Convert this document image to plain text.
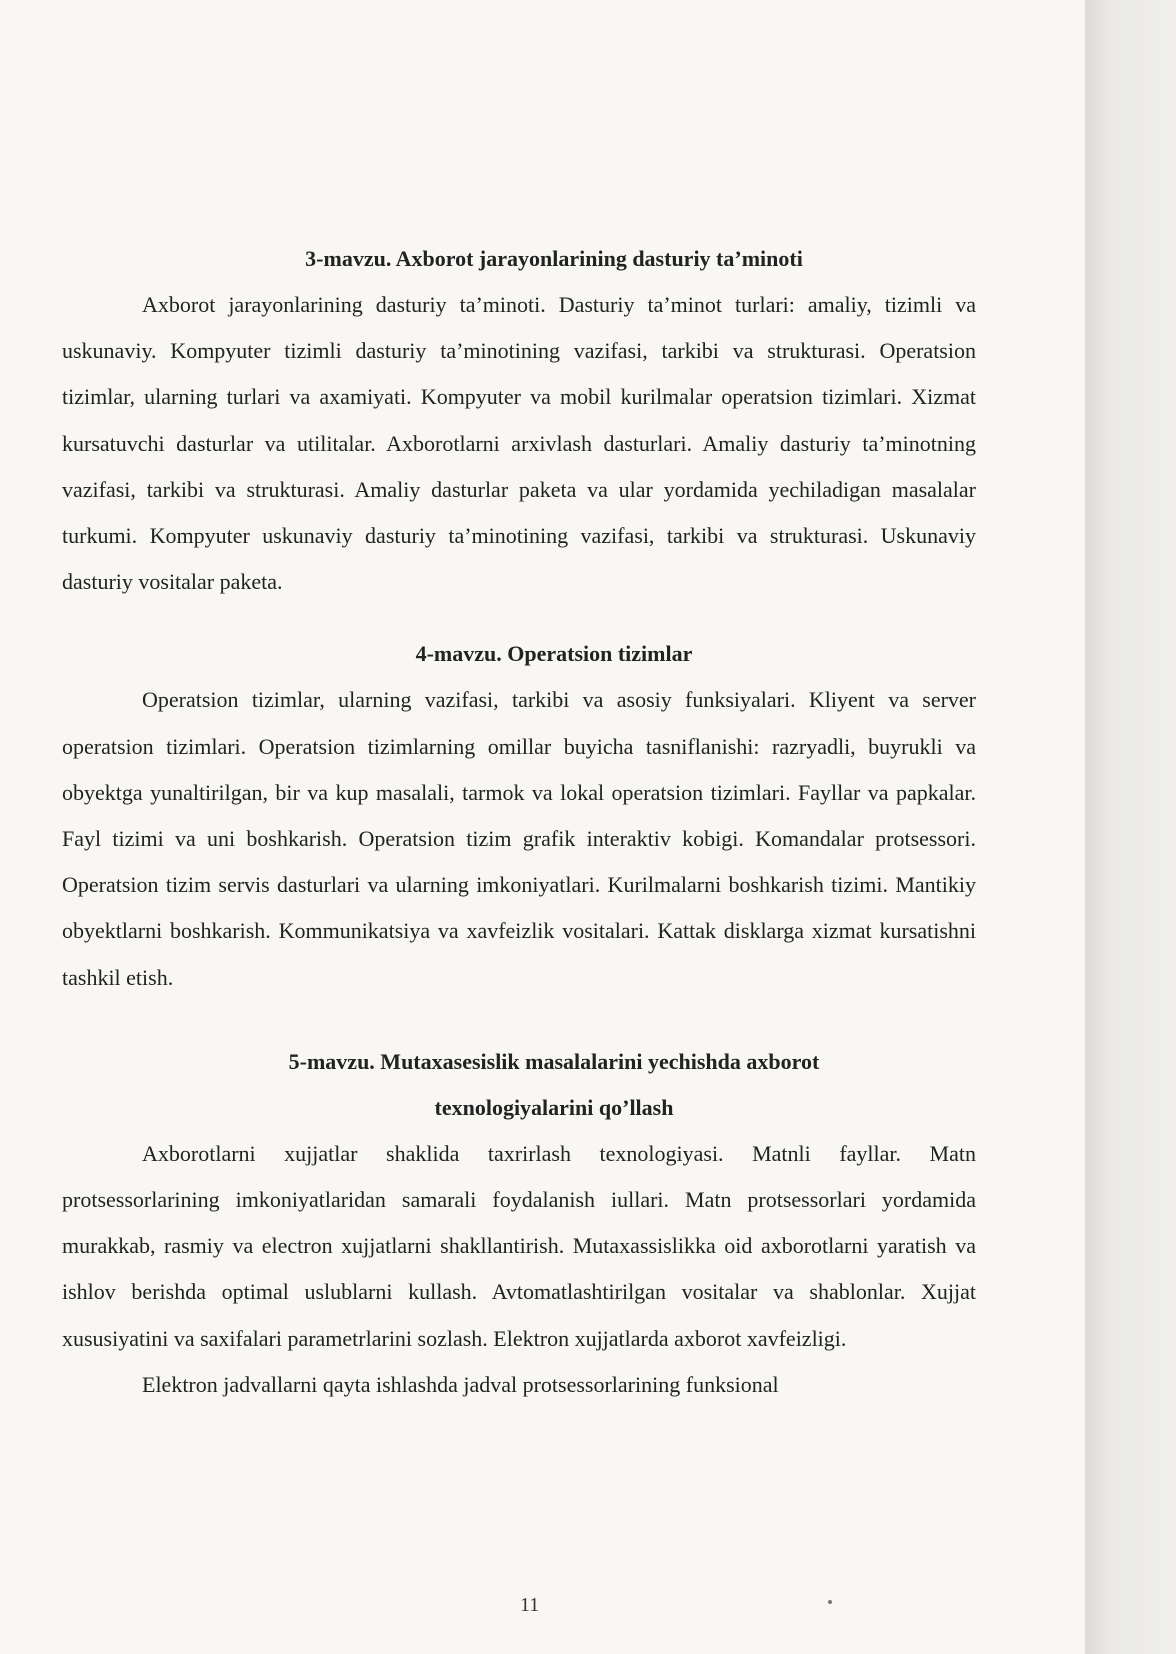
3-mavzu. Axborot jarayonlarining dasturiy ta’minoti

Axborot jarayonlarining dasturiy ta’minoti. Dasturiy ta’minot turlari: amaliy, tizimli va uskunaviy. Kompyuter tizimli dasturiy ta’minotining vazifasi, tarkibi va strukturasi. Operatsion tizimlar, ularning turlari va axamiyati. Kompyuter va mobil kurilmalar operatsion tizimlari. Xizmat kursatuvchi dasturlar va utilitalar. Axborotlarni arxivlash dasturlari. Amaliy dasturiy ta’minotning vazifasi, tarkibi va strukturasi. Amaliy dasturlar paketa va ular yordamida yechiladigan masalalar turkumi. Kompyuter uskunaviy dasturiy ta’minotining vazifasi, tarkibi va strukturasi. Uskunaviy dasturiy vositalar paketa.

4-mavzu. Operatsion tizimlar

Operatsion tizimlar, ularning vazifasi, tarkibi va asosiy funksiyalari. Kliyent va server operatsion tizimlari. Operatsion tizimlarning omillar buyicha tasniflanishi: razryadli, buyrukli va obyektga yunaltirilgan, bir va kup masalali, tarmok va lokal operatsion tizimlari. Fayllar va papkalar. Fayl tizimi va uni boshkarish. Operatsion tizim grafik interaktiv kobigi. Komandalar protsessori. Operatsion tizim servis dasturlari va ularning imkoniyatlari. Kurilmalarni boshkarish tizimi. Mantikiy obyektlarni boshkarish. Kommunikatsiya va xavfeizlik vositalari. Kattak disklarga xizmat kursatishni tashkil etish.

5-mavzu. Mutaxasesislik masalalarini yechishda axborot
texnologiyalarini qo’llash

Axborotlarni xujjatlar shaklida taxrirlash texnologiyasi. Matnli fayllar. Matn protsessorlarining imkoniyatlaridan samarali foydalanish iullari. Matn protsessorlari yordamida murakkab, rasmiy va electron xujjatlarni shakllantirish. Mutaxassislikka oid axborotlarni yaratish va ishlov berishda optimal uslublarni kullash. Avtomatlashtirilgan vositalar va shablonlar. Xujjat xususiyatini va saxifalari parametrlarini sozlash. Elektron xujjatlarda axborot xavfeizligi.

Elektron jadvallarni qayta ishlashda jadval protsessorlarining funksional

11
